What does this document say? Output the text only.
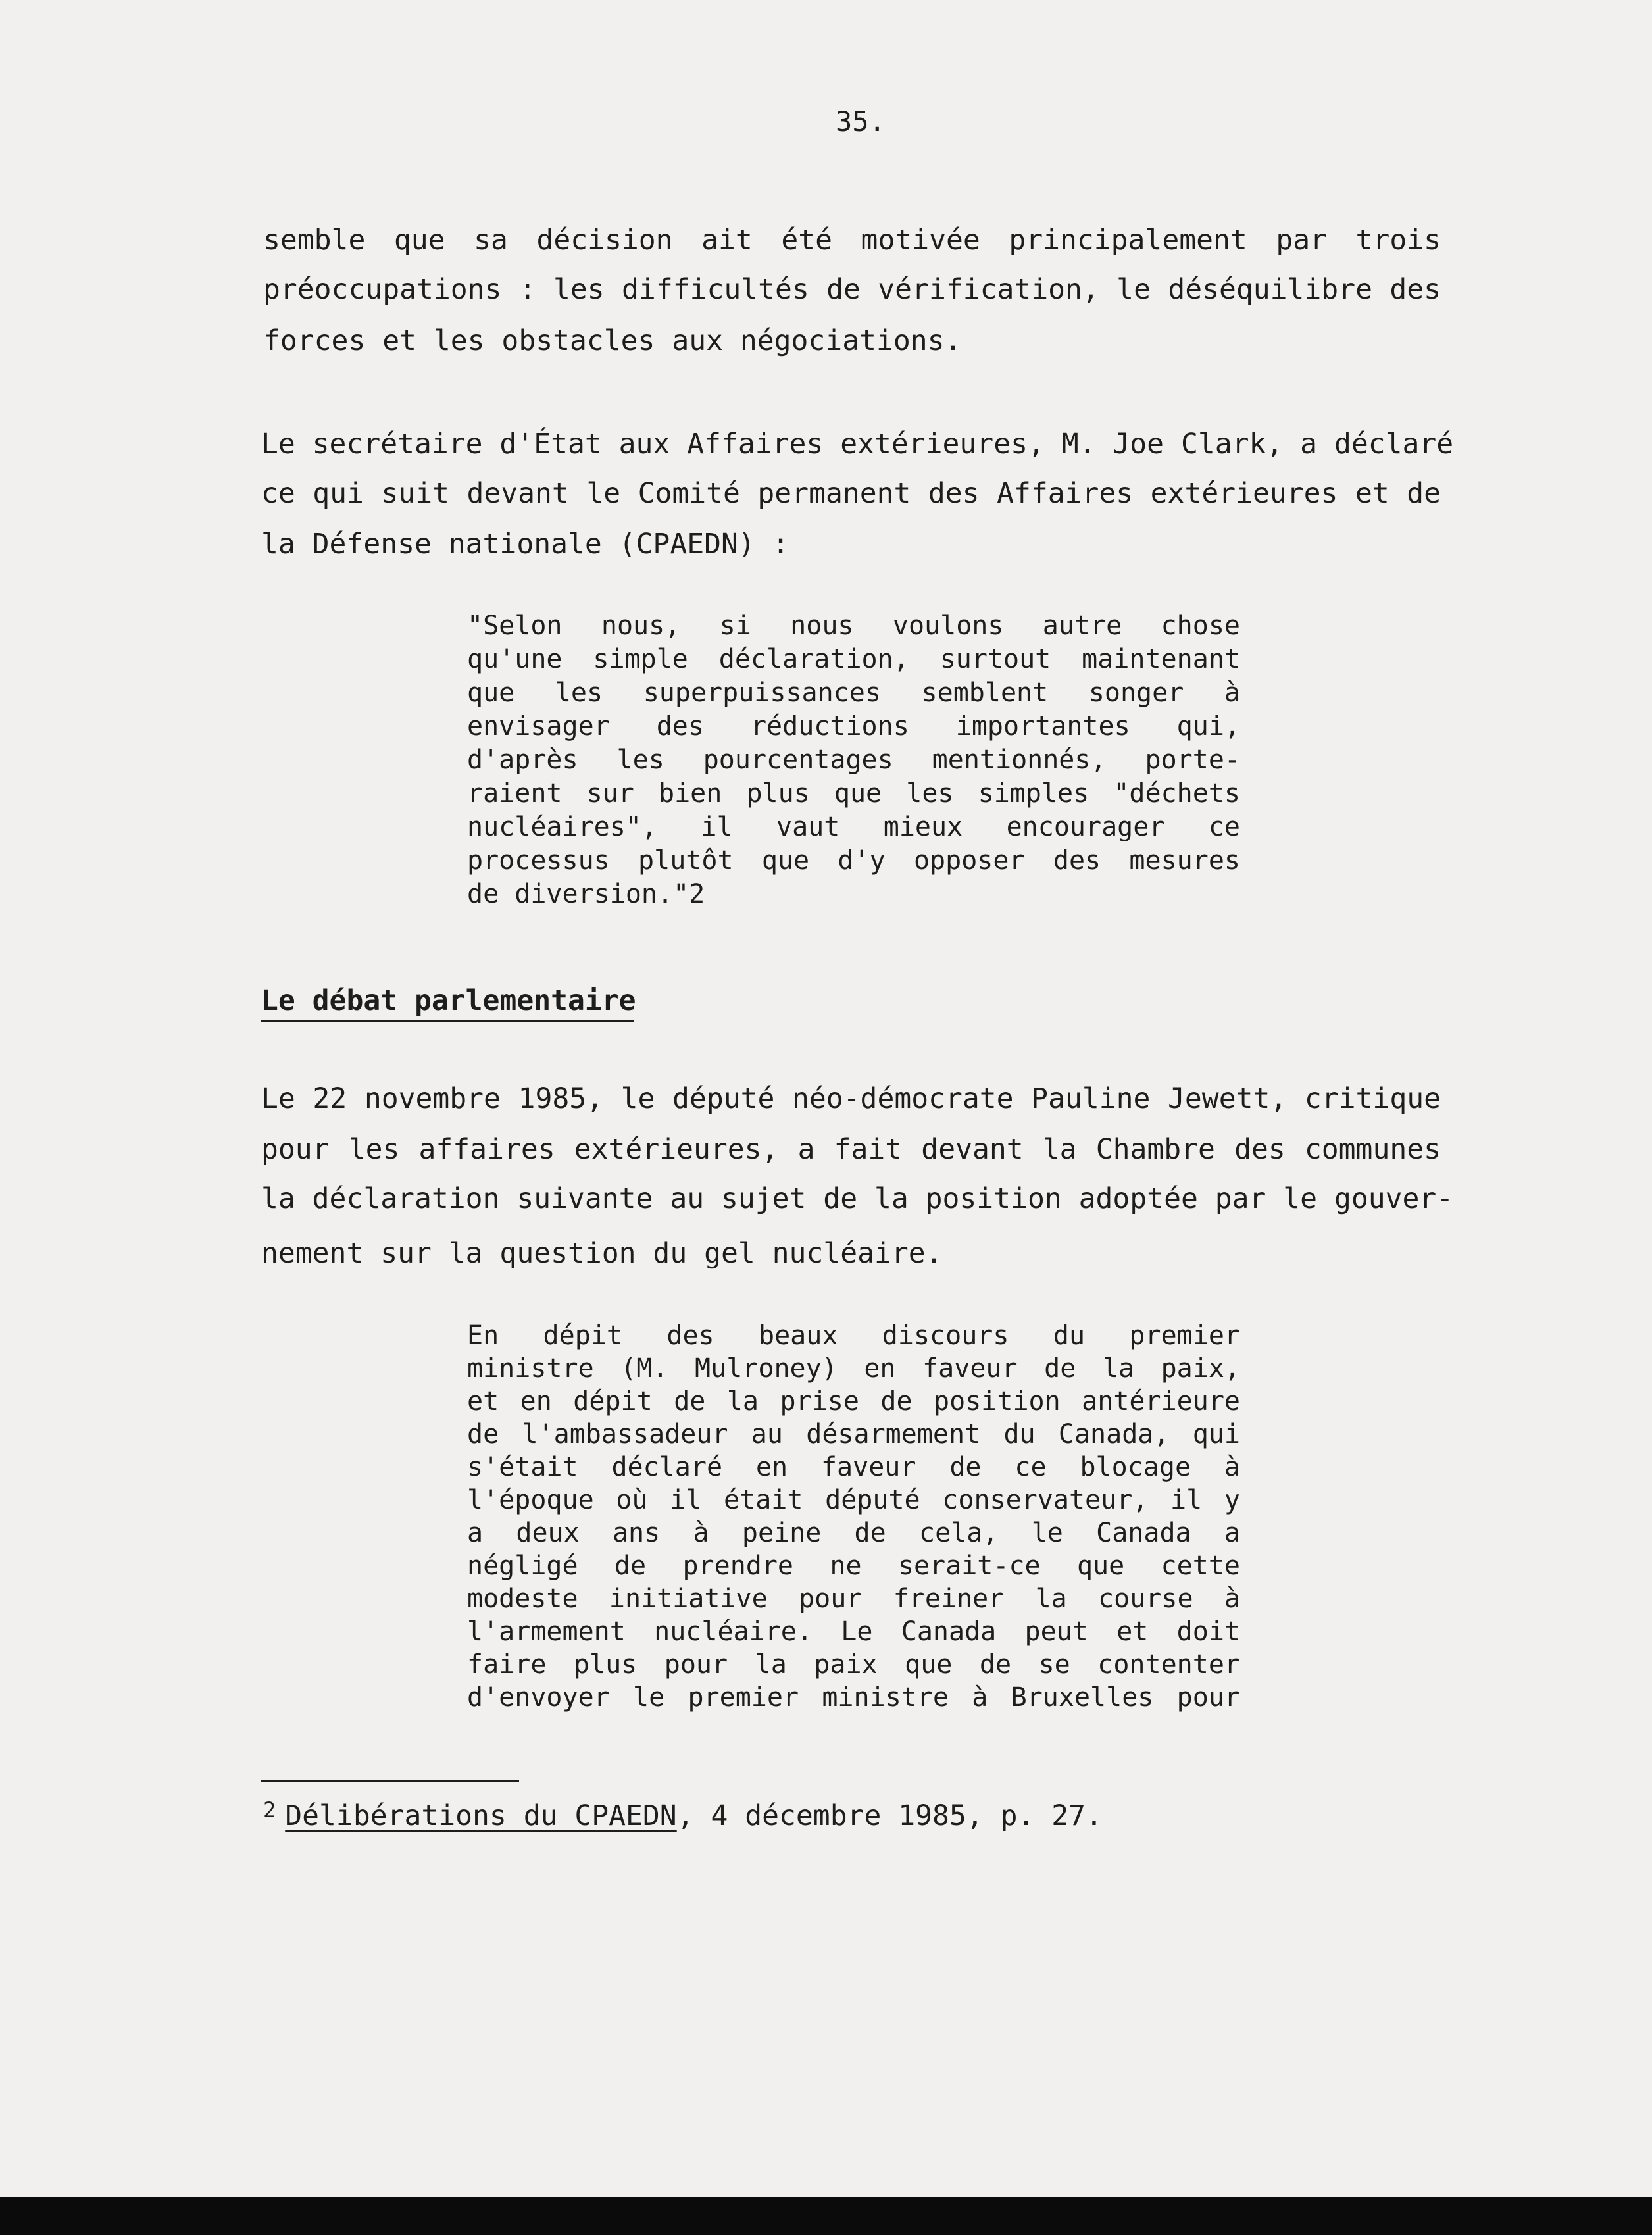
35.
semble que sa décision ait été motivée principalement par trois
préoccupations : les difficultés de vérification, le déséquilibre des
forces et les obstacles aux négociations.
Le secrétaire d'État aux Affaires extérieures, M. Joe Clark, a déclaré
ce qui suit devant le Comité permanent des Affaires extérieures et de
la Défense nationale (CPAEDN) :
"Selon nous, si nous voulons autre chose
qu'une simple déclaration, surtout maintenant
que les superpuissances semblent songer à
envisager des réductions importantes qui,
d'après les pourcentages mentionnés, porte-
raient sur bien plus que les simples "déchets
nucléaires", il vaut mieux encourager ce
processus plutôt que d'y opposer des mesures
de diversion."2
Le débat parlementaire
Le 22 novembre 1985, le député néo-démocrate Pauline Jewett, critique
pour les affaires extérieures, a fait devant la Chambre des communes
la déclaration suivante au sujet de la position adoptée par le gouver-
nement sur la question du gel nucléaire.
En dépit des beaux discours du premier
ministre (M. Mulroney) en faveur de la paix,
et en dépit de la prise de position antérieure
de l'ambassadeur au désarmement du Canada, qui
s'était déclaré en faveur de ce blocage à
l'époque où il était député conservateur, il y
a deux ans à peine de cela, le Canada a
négligé de prendre ne serait-ce que cette
modeste initiative pour freiner la course à
l'armement nucléaire. Le Canada peut et doit
faire plus pour la paix que de se contenter
d'envoyer le premier ministre à Bruxelles pour
$^2$ Délibérations du CPAEDN, 4 décembre 1985, p. 27.
